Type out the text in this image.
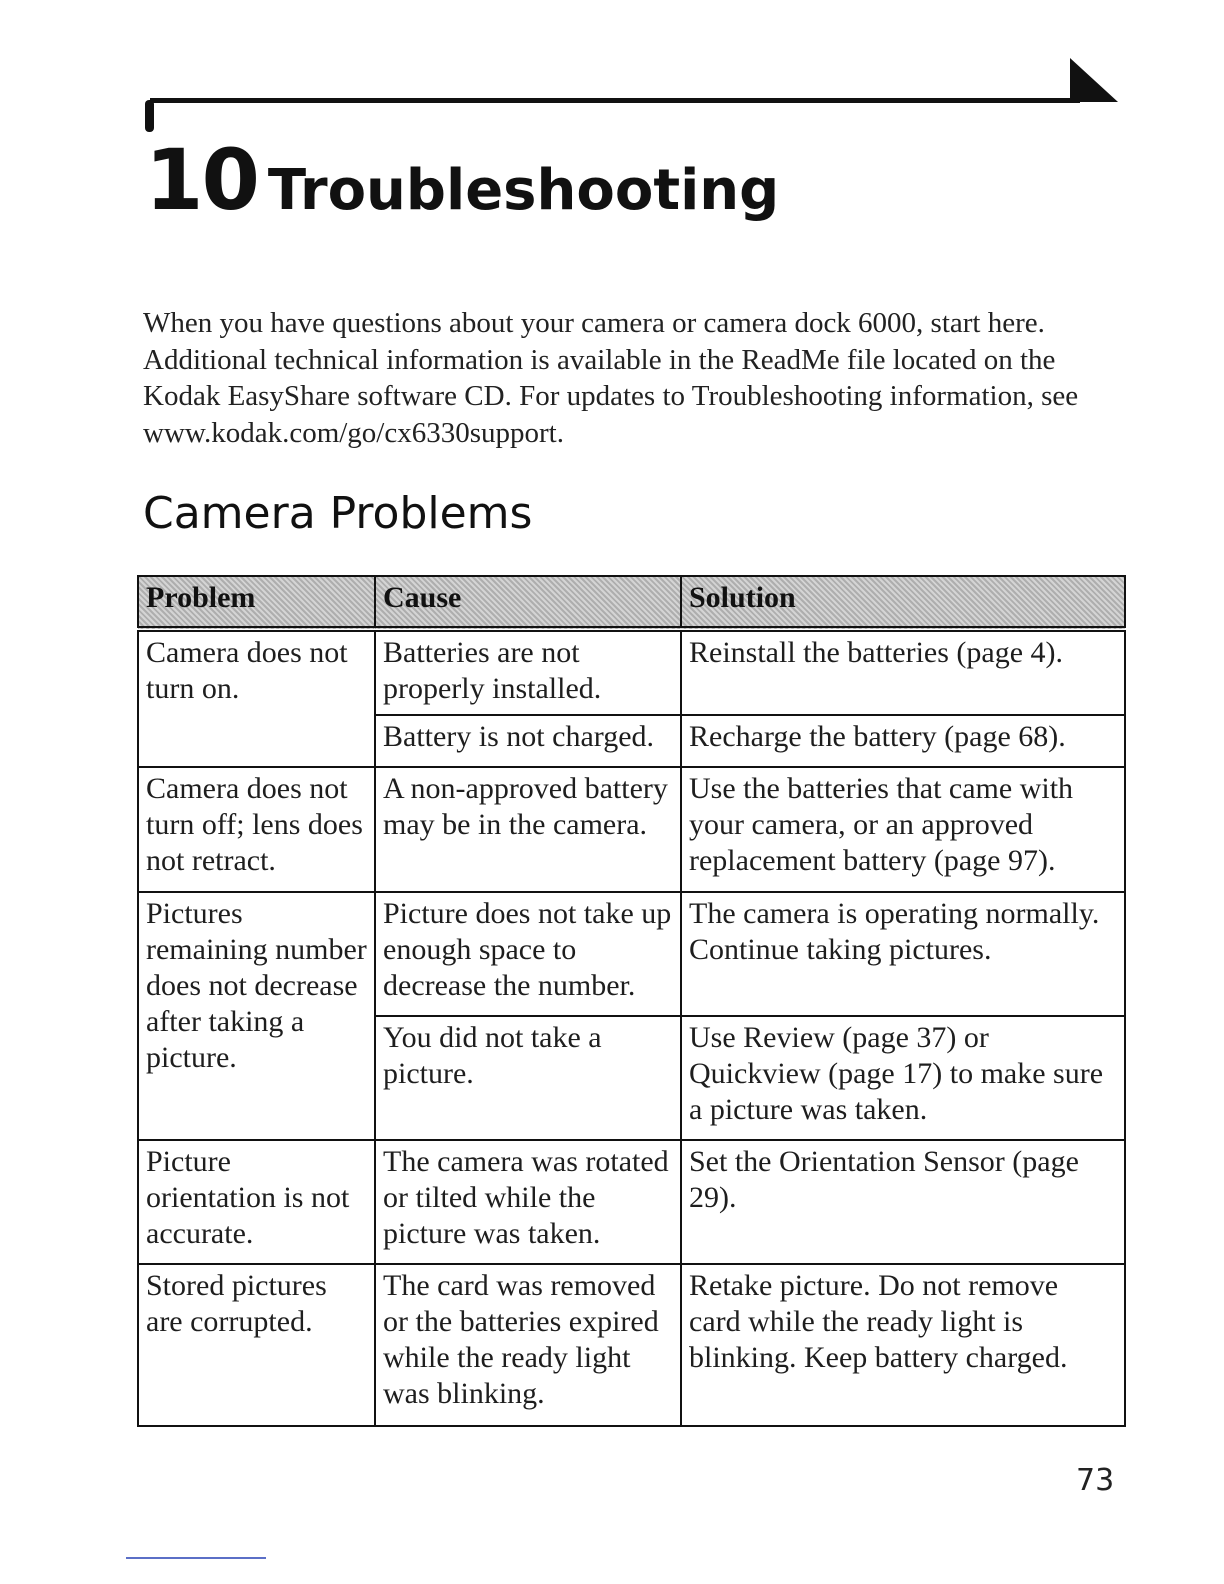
10 Troubleshooting

When you have questions about your camera or camera dock 6000, start here. Additional technical information is available in the ReadMe file located on the Kodak EasyShare software CD. For updates to Troubleshooting information, see www.kodak.com/go/cx6330support.

Camera Problems
Problem	Cause	Solution
Camera does not turn on.	Batteries are not properly installed.	Reinstall the batteries (page 4).
	Battery is not charged.	Recharge the battery (page 68).
Camera does not turn off; lens does not retract.	A non-approved battery may be in the camera.	Use the batteries that came with your camera, or an approved replacement battery (page 97).
Pictures remaining number does not decrease after taking a picture.	Picture does not take up enough space to decrease the number.	The camera is operating normally. Continue taking pictures.
	You did not take a picture.	Use Review (page 37) or Quickview (page 17) to make sure a picture was taken.
Picture orientation is not accurate.	The camera was rotated or tilted while the picture was taken.	Set the Orientation Sensor (page 29).
Stored pictures are corrupted.	The card was removed or the batteries expired while the ready light was blinking.	Retake picture. Do not remove card while the ready light is blinking. Keep battery charged.

73
